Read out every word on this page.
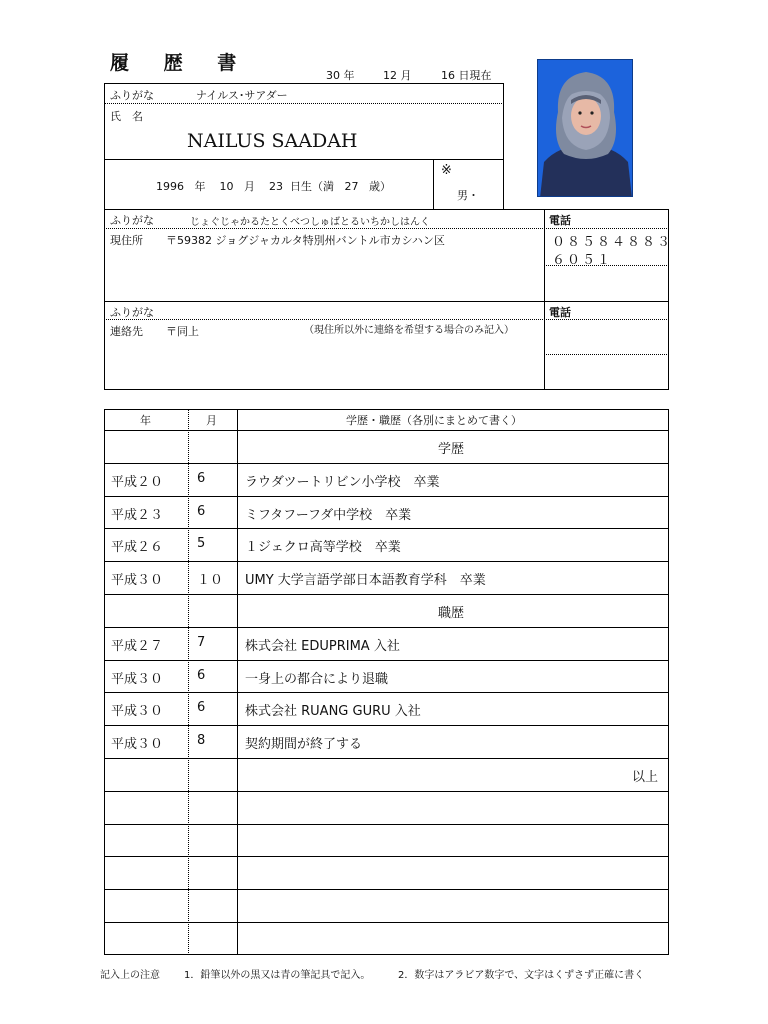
履 歴 書
30 年	12 月	16 日現在
ふりがな	ナイルス･サアダー
氏　名
NAILUS SAADAH
1996 年 10 月 23 日生（満 27 歳）
※
男・
ふりがな	じょぐじゃかるたとくべつしゅばとるいちかしはんく	電話
現住所 〒59382 ジョグジャカルタ特別州バントル市カシハン区	０８５８４８８３
６０５１
ふりがな	電話
連絡先 〒同上	（現住所以外に連絡を希望する場合のみ記入）
年	月	学歴・職歴（各別にまとめて書く）
学歴
平成２０	6	ラウダツートリビン小学校　卒業
平成２３	6	ミフタフーフダ中学校　卒業
平成２６	5	１ジェクロ高等学校　卒業
平成３０	１０ UMY 大学言語学部日本語教育学科　卒業
職歴
平成２７	7	株式会社 EDUPRIMA 入社
平成３０	6	一身上の都合により退職
平成３０	6	株式会社 RUANG GURU 入社
平成３０	8	契約期間が終了する
以上
記入上の注意 1．鉛筆以外の黒又は青の筆記具で記入。	2．数字はアラビア数字で、文字はくずさず正確に書く
